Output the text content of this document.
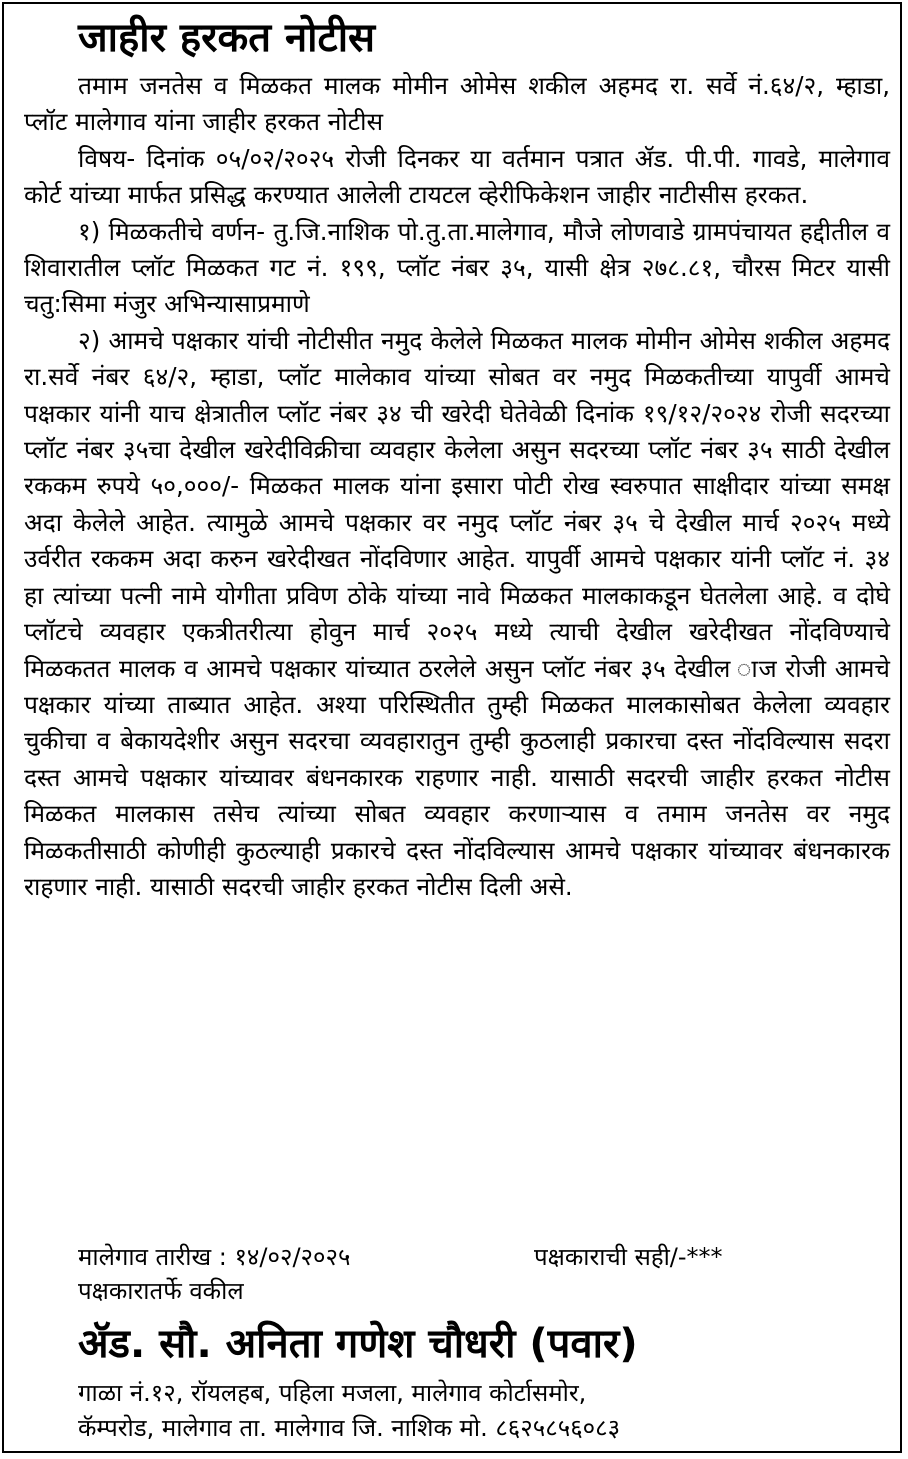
जाहीर हरकत नोटीस

तमाम जनतेस व मिळकत मालक मोमीन ओमेस शकील अहमद रा. सर्वे नं.६४/२, म्हाडा, प्लॉट मालेगाव यांना जाहीर हरकत नोटीस

विषय- दिनांक ०५/०२/२०२५ रोजी दिनकर या वर्तमान पत्रात ॲड. पी.पी. गावडे, मालेगाव कोर्ट यांच्या मार्फत प्रसिद्ध करण्यात आलेली टायटल व्हेरीफिकेशन जाहीर नाटीसीस हरकत.

१) मिळकतीचे वर्णन- तु.जि.नाशिक पो.तु.ता.मालेगाव, मौजे लोणवाडे ग्रामपंचायत हद्दीतील व शिवारातील प्लॉट मिळकत गट नं. १९९, प्लॉट नंबर ३५, यासी क्षेत्र २७८.८१, चौरस मिटर यासी चतु:सिमा मंजुर अभिन्यासाप्रमाणे

२) आमचे पक्षकार यांची नोटीसीत नमुद केलेले मिळकत मालक मोमीन ओमेस शकील अहमद रा.सर्वे नंबर ६४/२, म्हाडा, प्लॉट मालेकाव यांच्या सोबत वर नमुद मिळकतीच्या यापुर्वी आमचे पक्षकार यांनी याच क्षेत्रातील प्लॉट नंबर ३४ ची खरेदी घेतेवेळी दिनांक १९/१२/२०२४ रोजी सदरच्या प्लॉट नंबर ३५चा देखील खरेदीविक्रीचा व्यवहार केलेला असुन सदरच्या प्लॉट नंबर ३५ साठी देखील रककम रुपये ५०,०००/- मिळकत मालक यांना इसारा पोटी रोख स्वरुपात साक्षीदार यांच्या समक्ष अदा केलेले आहेत. त्यामुळे आमचे पक्षकार वर नमुद प्लॉट नंबर ३५ चे देखील मार्च २०२५ मध्ये उर्वरीत रककम अदा करुन खरेदीखत नोंदविणार आहेत. यापुर्वी आमचे पक्षकार यांनी प्लॉट नं. ३४ हा त्यांच्या पत्नी नामे योगीता प्रविण ठोके यांच्या नावे मिळकत मालकाकडून घेतलेला आहे. व दोघे प्लॉटचे व्यवहार एकत्रीतरीत्या होवुन मार्च २०२५ मध्ये त्याची देखील खरेदीखत नोंदविण्याचे मिळकतत मालक व आमचे पक्षकार यांच्यात ठरलेले असुन प्लॉट नंबर ३५ देखील ाज रोजी आमचे पक्षकार यांच्या ताब्यात आहेत. अश्या परिस्थितीत तुम्ही मिळकत मालकासोबत केलेला व्यवहार चुकीचा व बेकायदेशीर असुन सदरचा व्यवहारातुन तुम्ही कुठलाही प्रकारचा दस्त नोंदविल्यास सदरा दस्त आमचे पक्षकार यांच्यावर बंधनकारक राहणार नाही. यासाठी सदरची जाहीर हरकत नोटीस मिळकत मालकास तसेच त्यांच्या सोबत व्यवहार करणाऱ्यास व तमाम जनतेस वर नमुद मिळकतीसाठी कोणीही कुठल्याही प्रकारचे दस्त नोंदविल्यास आमचे पक्षकार यांच्यावर बंधनकारक राहणार नाही. यासाठी सदरची जाहीर हरकत नोटीस दिली असे.

मालेगाव तारीख : १४/०२/२०२५	पक्षकाराची सही/-***
पक्षकारातर्फे वकील
ॲड. सौ. अनिता गणेश चौधरी (पवार)
गाळा नं.१२, रॉयलहब, पहिला मजला, मालेगाव कोर्टासमोर,
कॅम्परोड, मालेगाव ता. मालेगाव जि. नाशिक मो. ८६२५८५६०८३
